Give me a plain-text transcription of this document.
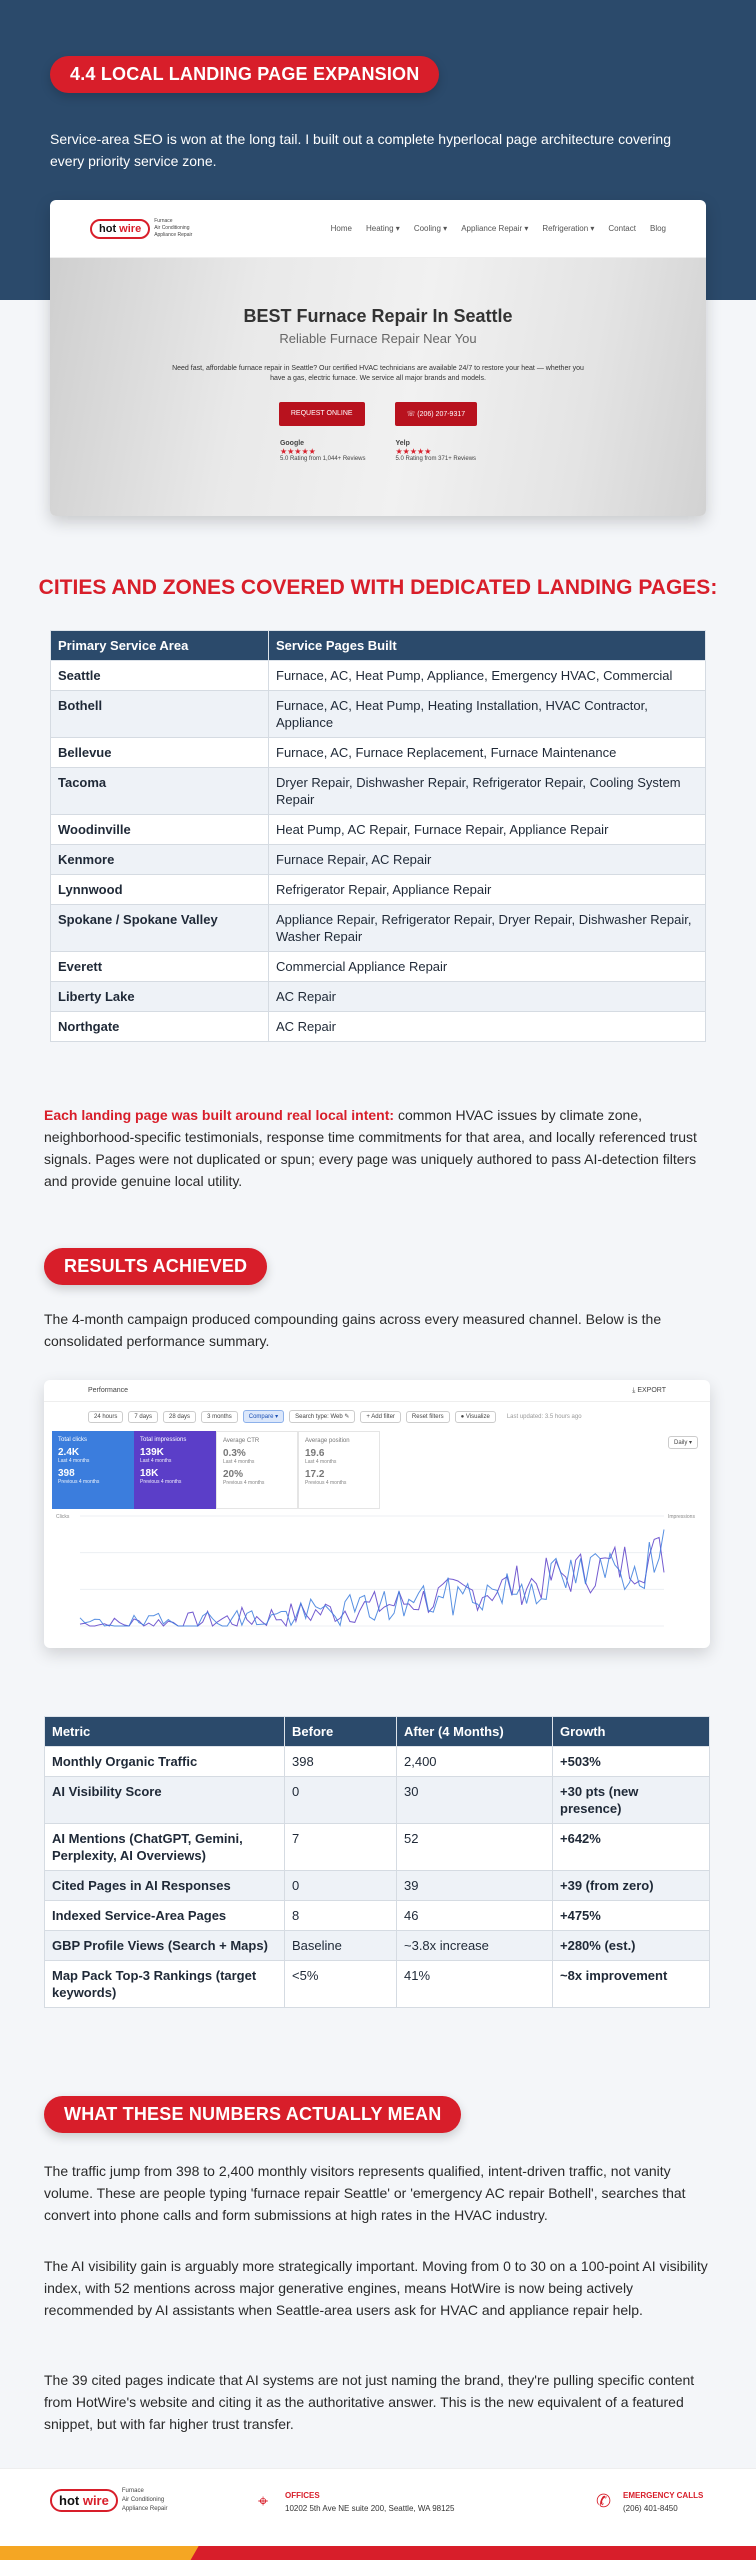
4.4 LOCAL LANDING PAGE EXPANSION

Service-area SEO is won at the long tail. I built out a complete hyperlocal page architecture covering every priority service zone.

hot wire
Furnace
Air Conditioning
Appliance Repair
Home Heating ▾ Cooling ▾ Appliance Repair ▾ Refrigeration ▾ Contact Blog
BEST Furnace Repair In Seattle
Reliable Furnace Repair Near You

Need fast, affordable furnace repair in Seattle? Our certified HVAC technicians are available 24/7 to restore your heat — whether you have a gas, electric furnace. We service all major brands and models.

REQUEST ONLINE	☏ (206) 207-9317
Google
★★★★★
5.0 Rating from 1,044+ Reviews
Yelp
★★★★★
5.0 Rating from 371+ Reviews
CITIES AND ZONES COVERED WITH DEDICATED LANDING PAGES:
Primary Service Area	Service Pages Built
Seattle	Furnace, AC, Heat Pump, Appliance, Emergency HVAC, Commercial
Bothell	Furnace, AC, Heat Pump, Heating Installation, HVAC Contractor, Appliance
Bellevue	Furnace, AC, Furnace Replacement, Furnace Maintenance
Tacoma	Dryer Repair, Dishwasher Repair, Refrigerator Repair, Cooling System Repair
Woodinville	Heat Pump, AC Repair, Furnace Repair, Appliance Repair
Kenmore	Furnace Repair, AC Repair
Lynnwood	Refrigerator Repair, Appliance Repair
Spokane / Spokane Valley	Appliance Repair, Refrigerator Repair, Dryer Repair, Dishwasher Repair, Washer Repair
Everett	Commercial Appliance Repair
Liberty Lake	AC Repair
Northgate	AC Repair

Each landing page was built around real local intent: common HVAC issues by climate zone, neighborhood-specific testimonials, response time commitments for that area, and locally referenced trust signals. Pages were not duplicated or spun; every page was uniquely authored to pass AI-detection filters and provide genuine local utility.

RESULTS ACHIEVED

The 4-month campaign produced compounding gains across every measured channel. Below is the consolidated performance summary.

Performance	⤓ EXPORT
24 hours	7 days	28 days	3 months	Compare ▾	Search type: Web ✎	+ Add filter	Reset filters	● Visualize	Last updated: 3.5 hours ago
Total clicks
2.4K
Last 4 months
398
Previous 4 months
Total impressions
139K
Last 4 months
18K
Previous 4 months
Average CTR
0.3%
Last 4 months
20%
Previous 4 months
Average position
19.6
Last 4 months
17.2
Previous 4 months
Daily ▾
Clicks	Impressions
Metric	Before	After (4 Months)	Growth
Monthly Organic Traffic	398	2,400	+503%
AI Visibility Score	0	30	+30 pts (new presence)
AI Mentions (ChatGPT, Gemini, Perplexity, AI Overviews)	7	52	+642%
Cited Pages in AI Responses	0	39	+39 (from zero)
Indexed Service-Area Pages	8	46	+475%
GBP Profile Views (Search + Maps)	Baseline	~3.8x increase	+280% (est.)
Map Pack Top-3 Rankings (target keywords)	<5%	41%	~8x improvement
WHAT THESE NUMBERS ACTUALLY MEAN

The traffic jump from 398 to 2,400 monthly visitors represents qualified, intent-driven traffic, not vanity volume. These are people typing 'furnace repair Seattle' or 'emergency AC repair Bothell', searches that convert into phone calls and form submissions at high rates in the HVAC industry.

The AI visibility gain is arguably more strategically important. Moving from 0 to 30 on a 100-point AI visibility index, with 52 mentions across major generative engines, means HotWire is now being actively recommended by AI assistants when Seattle-area users ask for HVAC and appliance repair help.

The 39 cited pages indicate that AI systems are not just naming the brand, they're pulling specific content from HotWire's website and citing it as the authoritative answer. This is the new equivalent of a featured snippet, but with far higher trust transfer.

hot wire
Furnace
Air Conditioning
Appliance Repair	⌖ OFFICES
10202 5th Ave NE suite 200, Seattle, WA 98125	✆ EMERGENCY CALLS
(206) 401-8450
